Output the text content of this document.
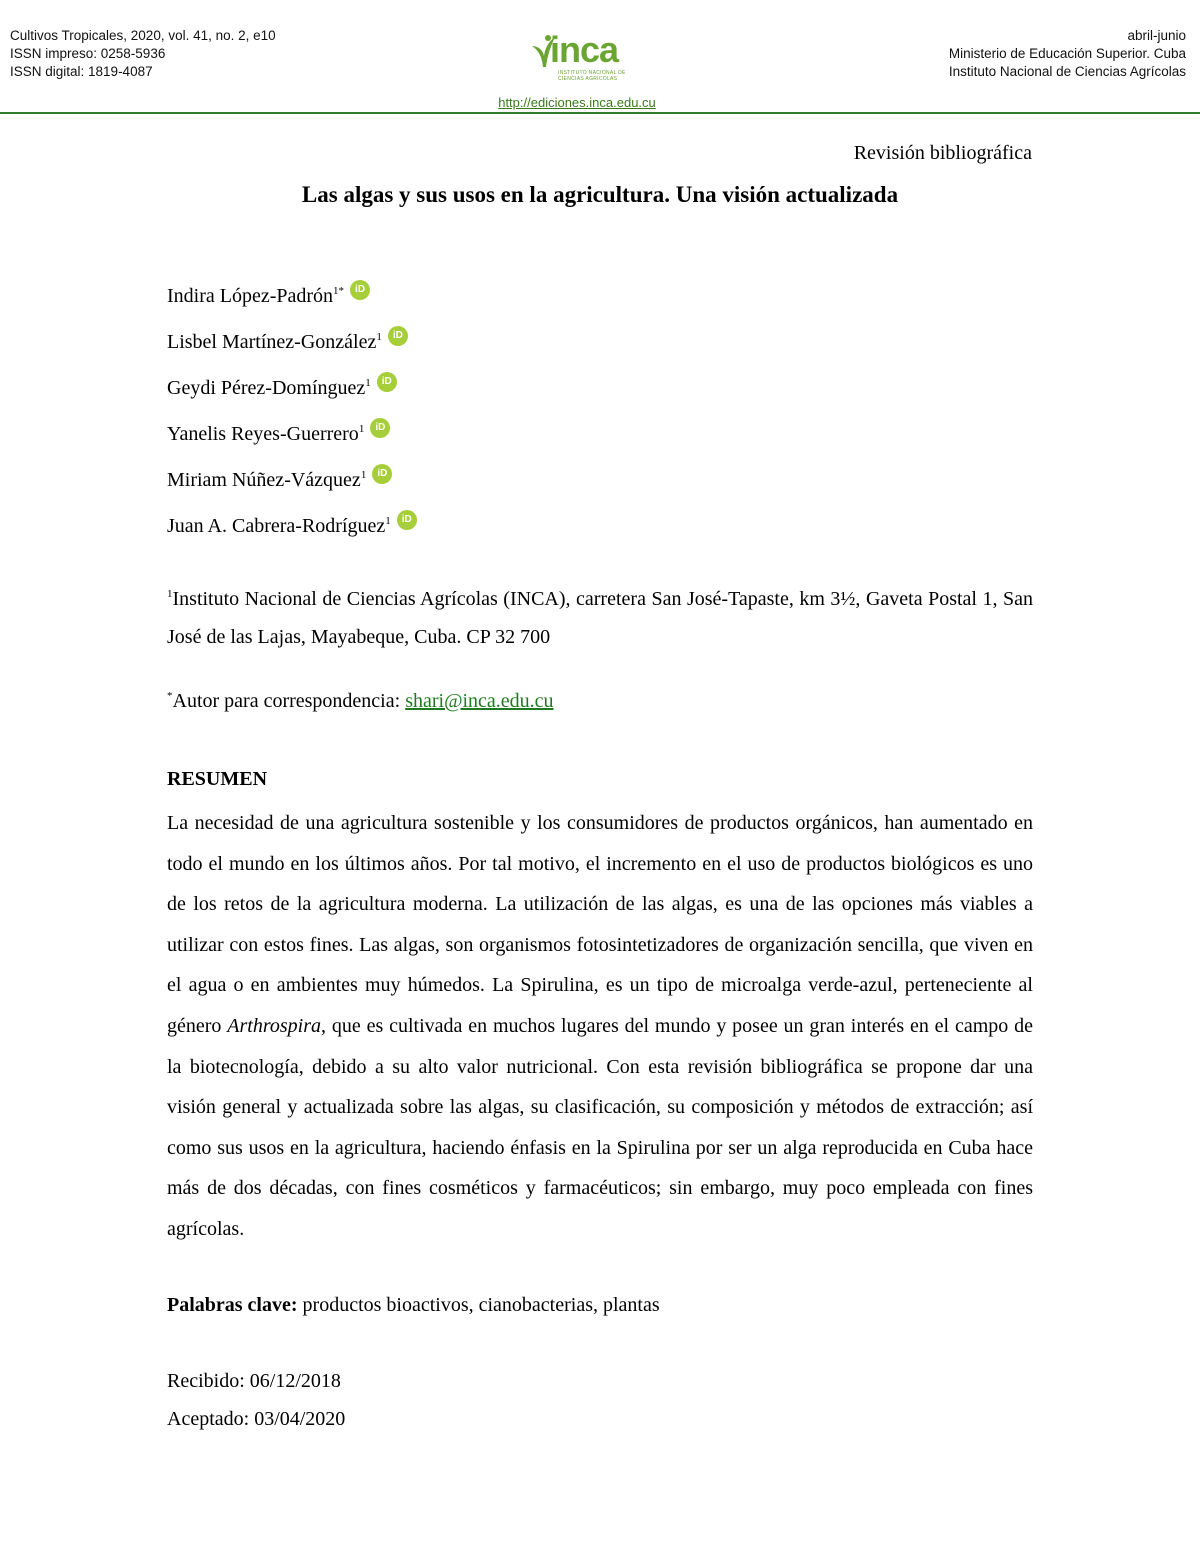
Cultivos Tropicales, 2020, vol. 41, no. 2, e10
ISSN impreso: 0258-5936
ISSN digital: 1819-4087
inca
INSTITUTO NACIONAL DE CIENCIAS AGRÍCOLAS
abril-junio
Ministerio de Educación Superior. Cuba
Instituto Nacional de Ciencias Agrícolas
http://ediciones.inca.edu.cu
Revisión bibliográfica
Las algas y sus usos en la agricultura. Una visión actualizada
Indira López-Padrón$^{1*}$ iD
Lisbel Martínez-González$^1$ iD
Geydi Pérez-Domínguez$^1$ iD
Yanelis Reyes-Guerrero$^1$ iD
Miriam Núñez-Vázquez$^1$ iD
Juan A. Cabrera-Rodríguez$^1$ iD
$^1$Instituto Nacional de Ciencias Agrícolas (INCA), carretera San José-Tapaste, km 3½, Gaveta Postal 1, San José de las Lajas, Mayabeque, Cuba. CP 32 700
*Autor para correspondencia: shari@inca.edu.cu
RESUMEN

La necesidad de una agricultura sostenible y los consumidores de productos orgánicos, han aumentado en todo el mundo en los últimos años. Por tal motivo, el incremento en el uso de productos biológicos es uno de los retos de la agricultura moderna. La utilización de las algas, es una de las opciones más viables a utilizar con estos fines. Las algas, son organismos fotosintetizadores de organización sencilla, que viven en el agua o en ambientes muy húmedos. La Spirulina, es un tipo de microalga verde-azul, perteneciente al género Arthrospira, que es cultivada en muchos lugares del mundo y posee un gran interés en el campo de la biotecnología, debido a su alto valor nutricional. Con esta revisión bibliográfica se propone dar una visión general y actualizada sobre las algas, su clasificación, su composición y métodos de extracción; así como sus usos en la agricultura, haciendo énfasis en la Spirulina por ser un alga reproducida en Cuba hace más de dos décadas, con fines cosméticos y farmacéuticos; sin embargo, muy poco empleada con fines agrícolas.

Palabras clave: productos bioactivos, cianobacterias, plantas
Recibido: 06/12/2018
Aceptado: 03/04/2020
